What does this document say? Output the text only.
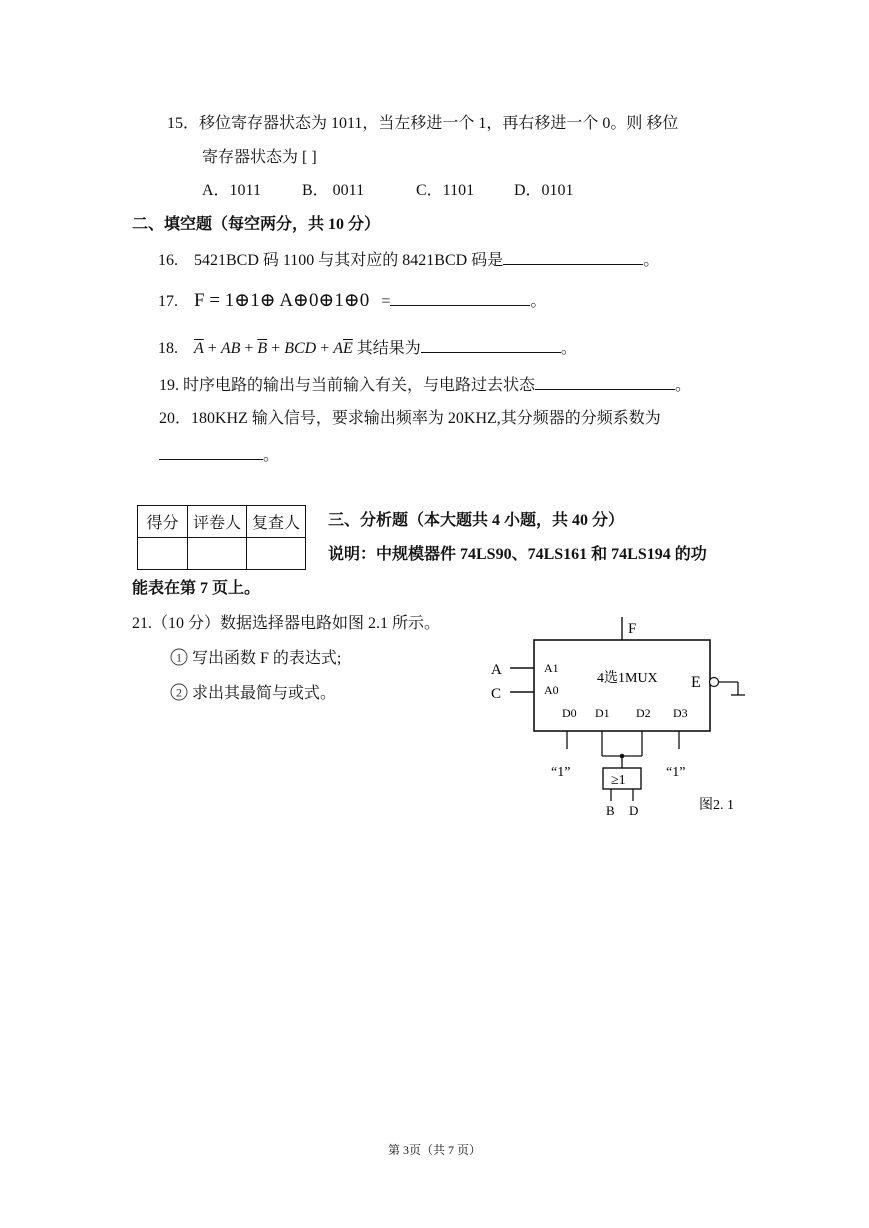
15．移位寄存器状态为 1011，当左移进一个 1，再右移进一个 0。则 移位
寄存器状态为 [ ]
A．1011	B． 0011	C．1101 D．0101
二、填空题（每空两分，共 10 分）
16. 5421BCD 码 1100 与其对应的 8421BCD 码是	。
17. F = 1⊕1⊕ A⊕0⊕1⊕0 =	。
18. $\overline{A}$ + AB + $\overline{B}$ + BCD + $A\overline{E}$ 其结果为	。
19. 时序电路的输出与当前输入有关，与电路过去状态	。
20．180KHZ 输入信号，要求输出频率为 20KHZ,其分频器的分频系数为
。
得分	评卷人	复查人
		三、分析题（本大题共 4 小题，共 40 分）
说明：中规模器件 74LS90、74LS161 和 74LS194 的功
能表在第 7 页上。
21.（10 分）数据选择器电路如图 2.1 所示。
1 写出函数 F 的表达式;
2 求出其最简与或式。
F
A
C
A1
A0
4选1MUX E
D0 D1 D2 D3
“1”	“1”
≥1
B D	图2. 1
第 3页（共 7 页）
